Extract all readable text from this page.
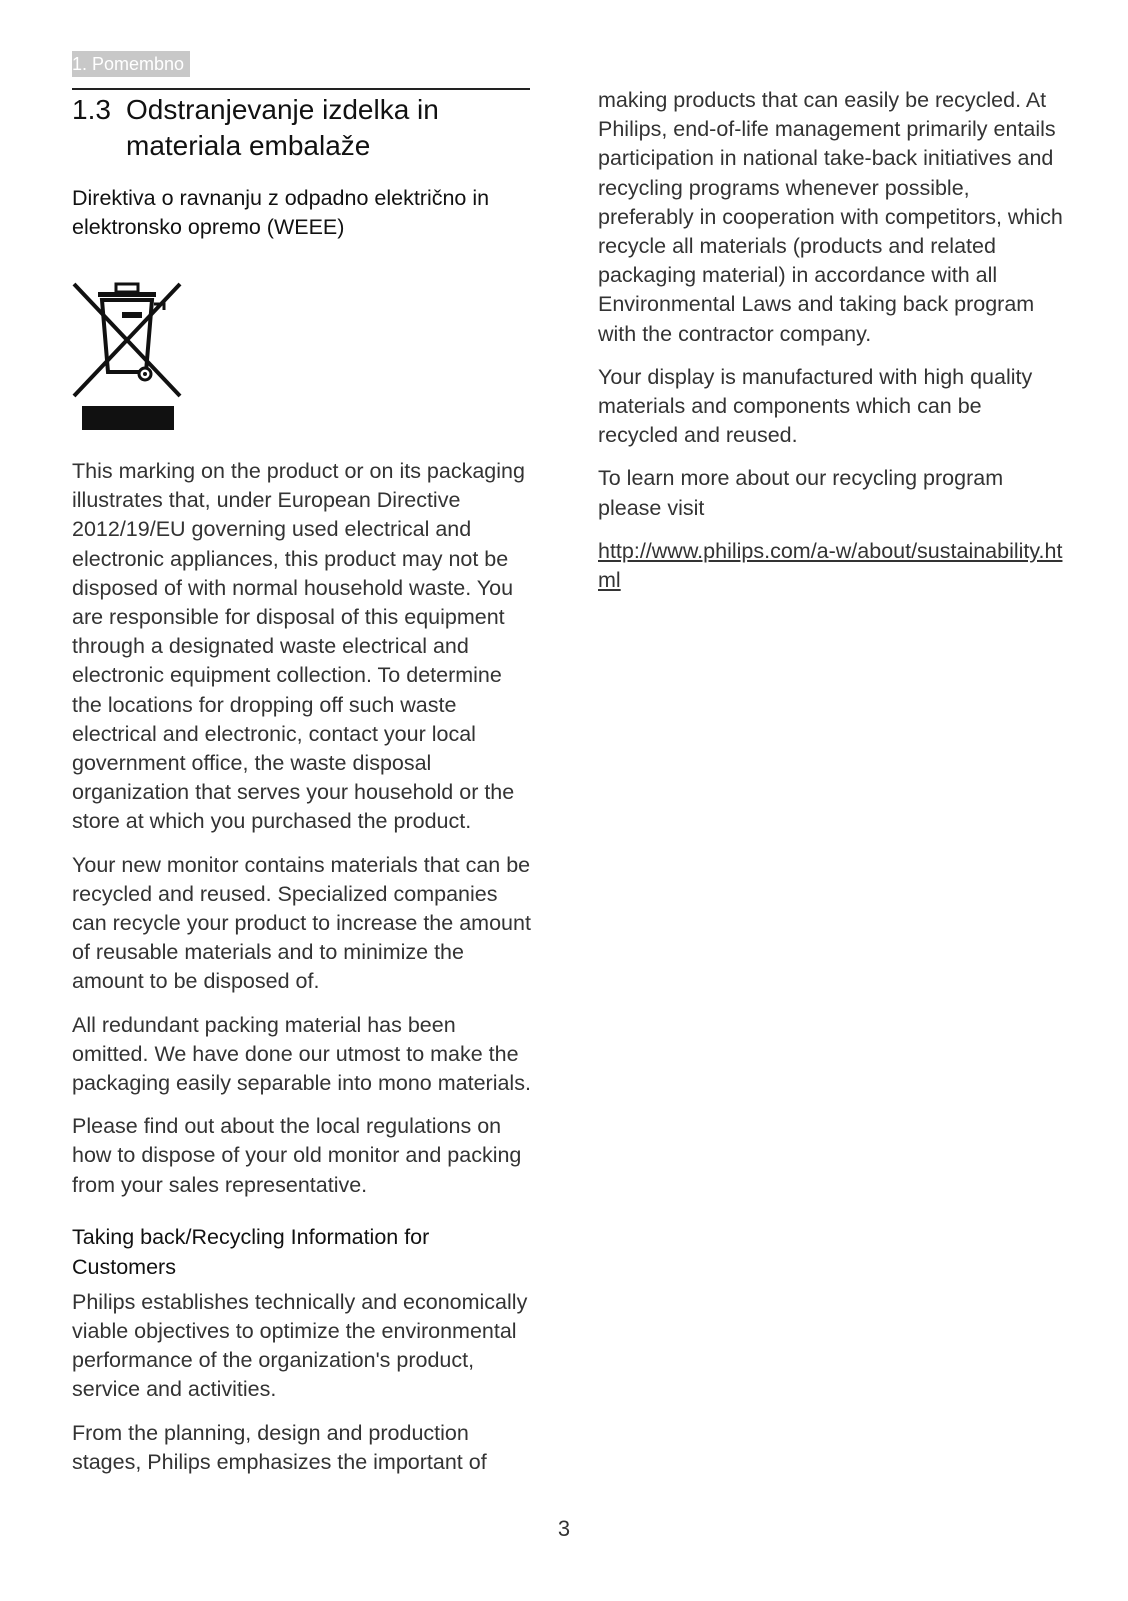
1. Pomembno
1.3 Odstranjevanje izdelka in materiala embalaže
Direktiva o ravnanju z odpadno električno in elektronsko opremo (WEEE)

This marking on the product or on its packaging illustrates that, under European Directive 2012/19/EU governing used electrical and electronic appliances, this product may not be disposed of with normal household waste. You are responsible for disposal of this equipment through a designated waste electrical and electronic equipment collection. To determine the locations for dropping off such waste electrical and electronic, contact your local government office, the waste disposal organization that serves your household or the store at which you purchased the product.

Your new monitor contains materials that can be recycled and reused. Specialized companies can recycle your product to increase the amount of reusable materials and to minimize the amount to be disposed of.

All redundant packing material has been omitted. We have done our utmost to make the packaging easily separable into mono materials.

Please find out about the local regulations on how to dispose of your old monitor and packing from your sales representative.

Taking back/Recycling Information for Customers

Philips establishes technically and economically viable objectives to optimize the environmental performance of the organization's product, service and activities.

From the planning, design and production stages, Philips emphasizes the important of

making products that can easily be recycled. At Philips, end-of-life management primarily entails participation in national take-back initiatives and recycling programs whenever possible, preferably in cooperation with competitors, which recycle all materials (products and related packaging material) in accordance with all Environmental Laws and taking back program with the contractor company.

Your display is manufactured with high quality materials and components which can be recycled and reused.

To learn more about our recycling program please visit

http://www.philips.com/a-w/about/sustainability.html
3
